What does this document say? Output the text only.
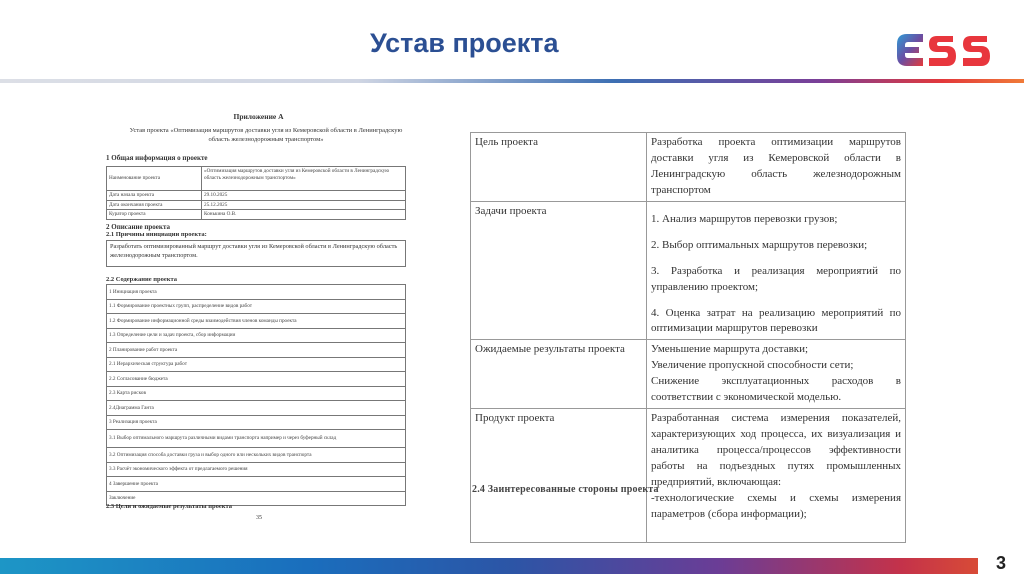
Устав проекта
Приложение А
Устав проекта «Оптимизация маршрутов доставки угля из Кемеровской области в Ленинградскую область железнодорожным транспортом»
1 Общая информация о проекте
Наименование проекта	«Оптимизация маршрутов доставки угля из Кемеровской области в Ленинградскую область железнодорожным транспортом»
Дата начала проекта	29.10.2025
Дата окончания проекта	25.12.2025
Куратор проекта	Конькина О.В.
2 Описание проекта
2.1 Причины инициации проекта:
Разработать оптимизированный маршрут доставки угля из Кемеровской области в Ленинградскую область железнодорожным транспортом.
2.2 Содержание проекта
1 Инициация проекта
1.1 Формирование проектных групп, распределение видов работ
1.2 Формирование информационной среды взаимодействия членов команды проекта
1.3 Определение цели и задач проекта, сбор информации
2 Планирование работ проекта
2.1 Иерархическая структура работ
2.2 Согласование бюджета
2.3 Карта рисков
2.4Диаграмма Ганта
3 Реализация проекта
3.1 Выбор оптимального маршрута различными видами транспорта например и через буферный склад
3.2 Оптимизация способа доставки груза и выбор одного или нескольких видов транспорта
3.3 Расчёт экономического эффекта от предлагаемого решения
4 Завершение проекта
Заключение
2.3 Цели и ожидаемые результаты проекта
35
Цель проекта	Разработка проекта оптимизации маршрутов доставки угля из Кемеровской области в Ленинградскую область железнодорожным транспортом
Задачи проекта	1. Анализ маршрутов перевозки грузов;
2. Выбор оптимальных маршрутов перевозки;
3. Разработка и реализация мероприятий по управлению проектом;
4. Оценка затрат на реализацию мероприятий по оптимизации маршрутов перевозки

Ожидаемые результаты проекта	Уменьшение маршрута доставки;
Увеличение пропускной способности сети;
Снижение эксплуатационных расходов в соответствии с экономической моделью.

Продукт проекта	Разработанная система измерения показателей, характеризующих ход процесса, их визуализация и аналитика процесса/процессов эффективности работы на подъездных путях промышленных предприятий, включающая:
-технологические схемы и схемы измерения параметров (сбора информации);
2.4 Заинтересованные стороны проекта
3
